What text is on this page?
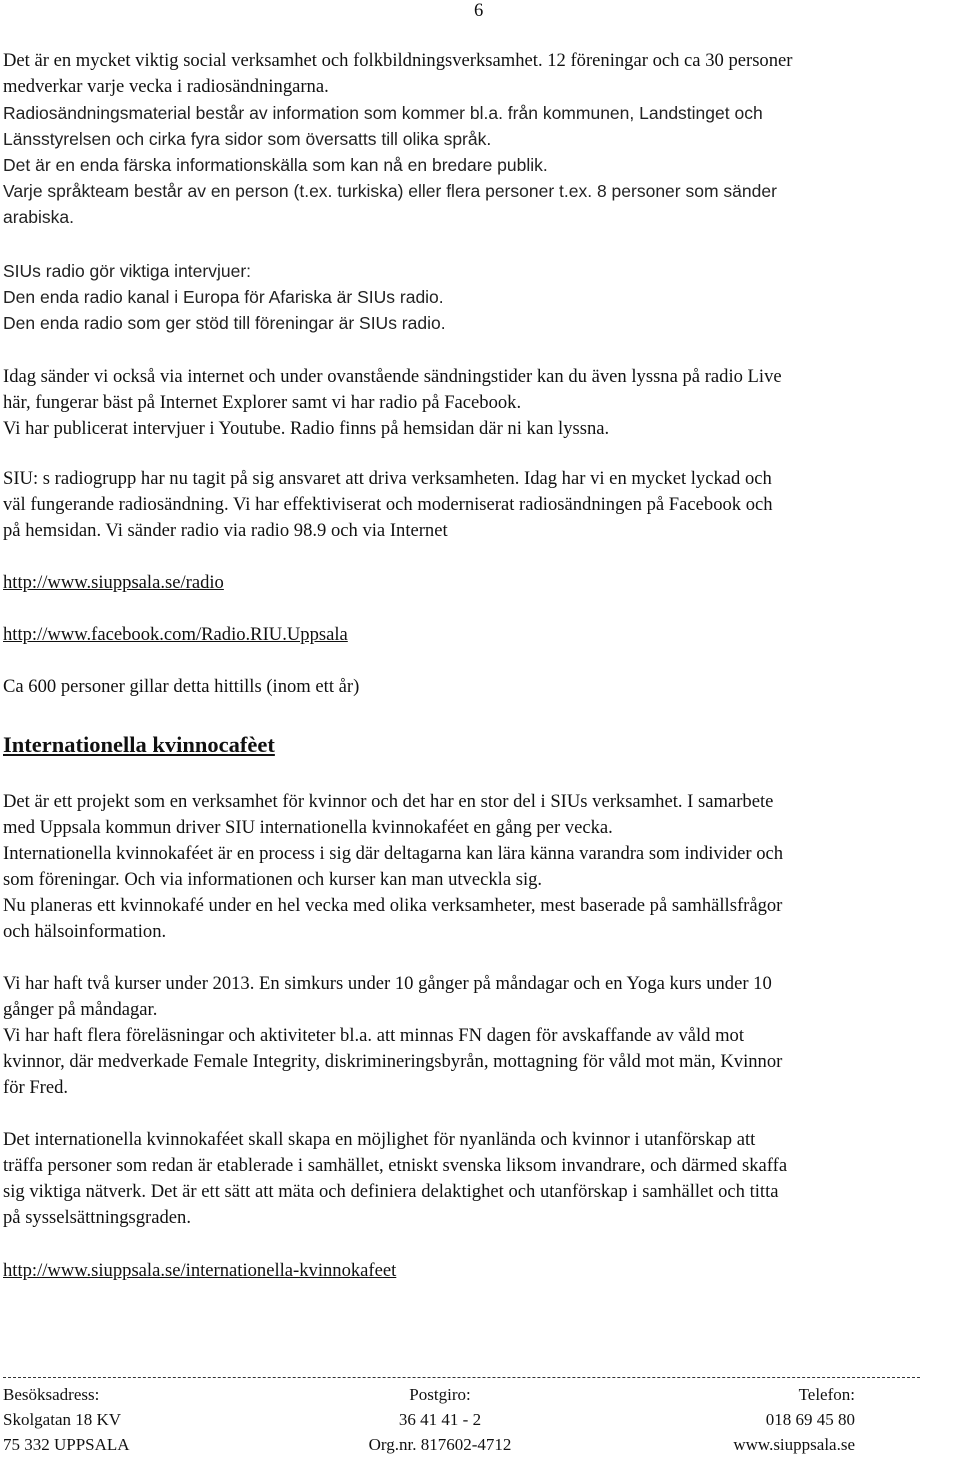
6
Det är en mycket viktig social verksamhet och folkbildningsverksamhet. 12 föreningar och ca 30 personer
medverkar varje vecka i radiosändningarna.
Radiosändningsmaterial består av information som kommer bl.a. från kommunen, Landstinget och
Länsstyrelsen och cirka fyra sidor som översatts till olika språk.
Det är en enda färska informationskälla som kan nå en bredare publik.
Varje språkteam består av en person (t.ex. turkiska) eller flera personer t.ex. 8 personer som sänder
arabiska.
SIUs radio gör viktiga intervjuer:
Den enda radio kanal i Europa för Afariska är SIUs radio.
Den enda radio som ger stöd till föreningar är SIUs radio.
Idag sänder vi också via internet och under ovanstående sändningstider kan du även lyssna på radio Live
här, fungerar bäst på Internet Explorer samt vi har radio på Facebook.
Vi har publicerat intervjuer i Youtube. Radio finns på hemsidan där ni kan lyssna.
SIU: s radiogrupp har nu tagit på sig ansvaret att driva verksamheten. Idag har vi en mycket lyckad och
väl fungerande radiosändning. Vi har effektiviserat och moderniserat radiosändningen på Facebook och
på hemsidan. Vi sänder radio via radio 98.9 och via Internet
http://www.siuppsala.se/radio
http://www.facebook.com/Radio.RIU.Uppsala
Ca 600 personer gillar detta hittills (inom ett år)
Internationella kvinnocafèet
Det är ett projekt som en verksamhet för kvinnor och det har en stor del i SIUs verksamhet. I samarbete
med Uppsala kommun driver SIU internationella kvinnokaféet en gång per vecka.
Internationella kvinnokaféet är en process i sig där deltagarna kan lära känna varandra som individer och
som föreningar. Och via informationen och kurser kan man utveckla sig.
Nu planeras ett kvinnokafé under en hel vecka med olika verksamheter, mest baserade på samhällsfrågor
och hälsoinformation.
Vi har haft två kurser under 2013. En simkurs under 10 gånger på måndagar och en Yoga kurs under 10
gånger på måndagar.
Vi har haft flera föreläsningar och aktiviteter bl.a. att minnas FN dagen för avskaffande av våld mot
kvinnor, där medverkade Female Integrity, diskrimineringsbyrån, mottagning för våld mot män, Kvinnor
för Fred.
Det internationella kvinnokaféet skall skapa en möjlighet för nyanlända och kvinnor i utanförskap att
träffa personer som redan är etablerade i samhället, etniskt svenska liksom invandrare, och därmed skaffa
sig viktiga nätverk. Det är ett sätt att mäta och definiera delaktighet och utanförskap i samhället och titta
på sysselsättningsgraden.
http://www.siuppsala.se/internationella-kvinnokafeet
Besöksadress:
Skolgatan 18 KV
75 332 UPPSALA
Postgiro:
36 41 41 - 2
Org.nr. 817602-4712
Telefon:
018 69 45 80
www.siuppsala.se
